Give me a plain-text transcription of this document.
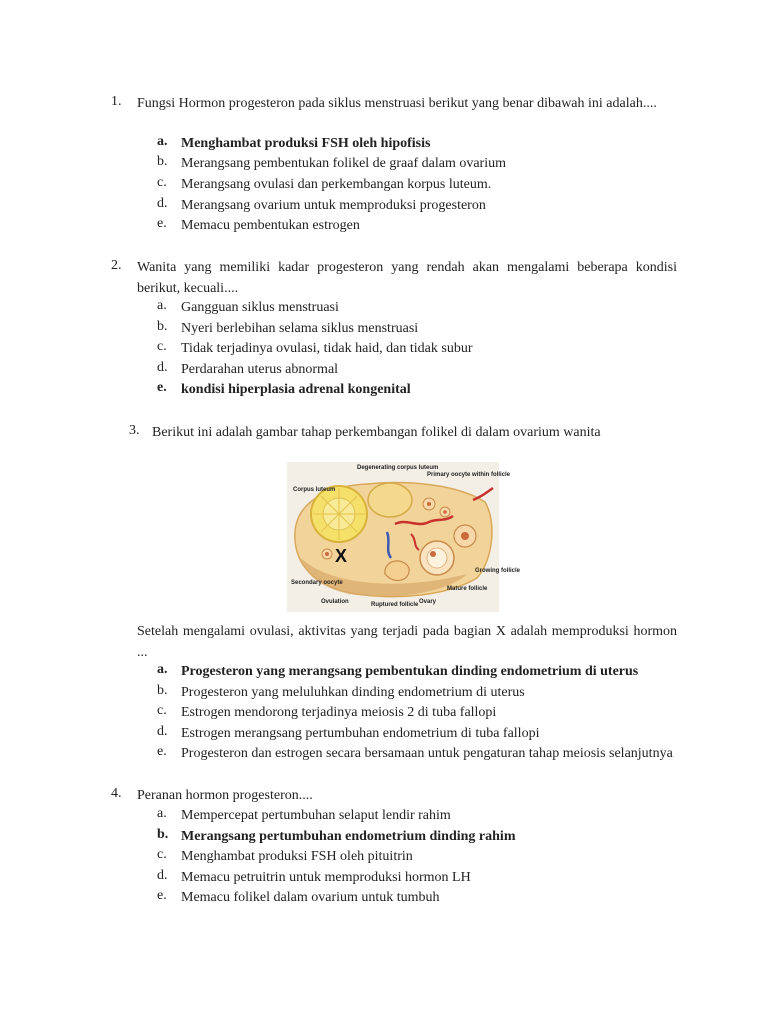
1. Fungsi Hormon progesteron pada siklus menstruasi berikut yang benar dibawah ini adalah....
a. Menghambat produksi FSH oleh hipofisis
b. Merangsang pembentukan folikel de graaf dalam ovarium
c. Merangsang ovulasi dan perkembangan korpus luteum.
d. Merangsang ovarium untuk memproduksi progesteron
e. Memacu pembentukan estrogen
2. Wanita yang memiliki kadar progesteron yang rendah akan mengalami beberapa kondisi berikut, kecuali....
a. Gangguan siklus menstruasi
b. Nyeri berlebihan selama siklus menstruasi
c. Tidak terjadinya ovulasi, tidak haid, dan tidak subur
d. Perdarahan uterus abnormal
e. kondisi hiperplasia adrenal kongenital
3. Berikut ini adalah gambar tahap perkembangan folikel di dalam ovarium wanita
X
Degenerating corpus luteum
Primary oocyte within follicle
Corpus luteum
Growing follicle
Mature follicle
Secondary oocyte
Ovulation	Ruptured follicle Ovary
Setelah mengalami ovulasi, aktivitas yang terjadi pada bagian X adalah memproduksi hormon ...
a. Progesteron yang merangsang pembentukan dinding endometrium di uterus
b. Progesteron yang meluluhkan dinding endometrium di uterus
c. Estrogen mendorong terjadinya meiosis 2 di tuba fallopi
d. Estrogen merangsang pertumbuhan endometrium di tuba fallopi
e. Progesteron dan estrogen secara bersamaan untuk pengaturan tahap meiosis selanjutnya
4. Peranan hormon progesteron....
a. Mempercepat pertumbuhan selaput lendir rahim
b. Merangsang pertumbuhan endometrium dinding rahim
c. Menghambat produksi FSH oleh pituitrin
d. Memacu petruitrin untuk memproduksi hormon LH
e. Memacu folikel dalam ovarium untuk tumbuh
